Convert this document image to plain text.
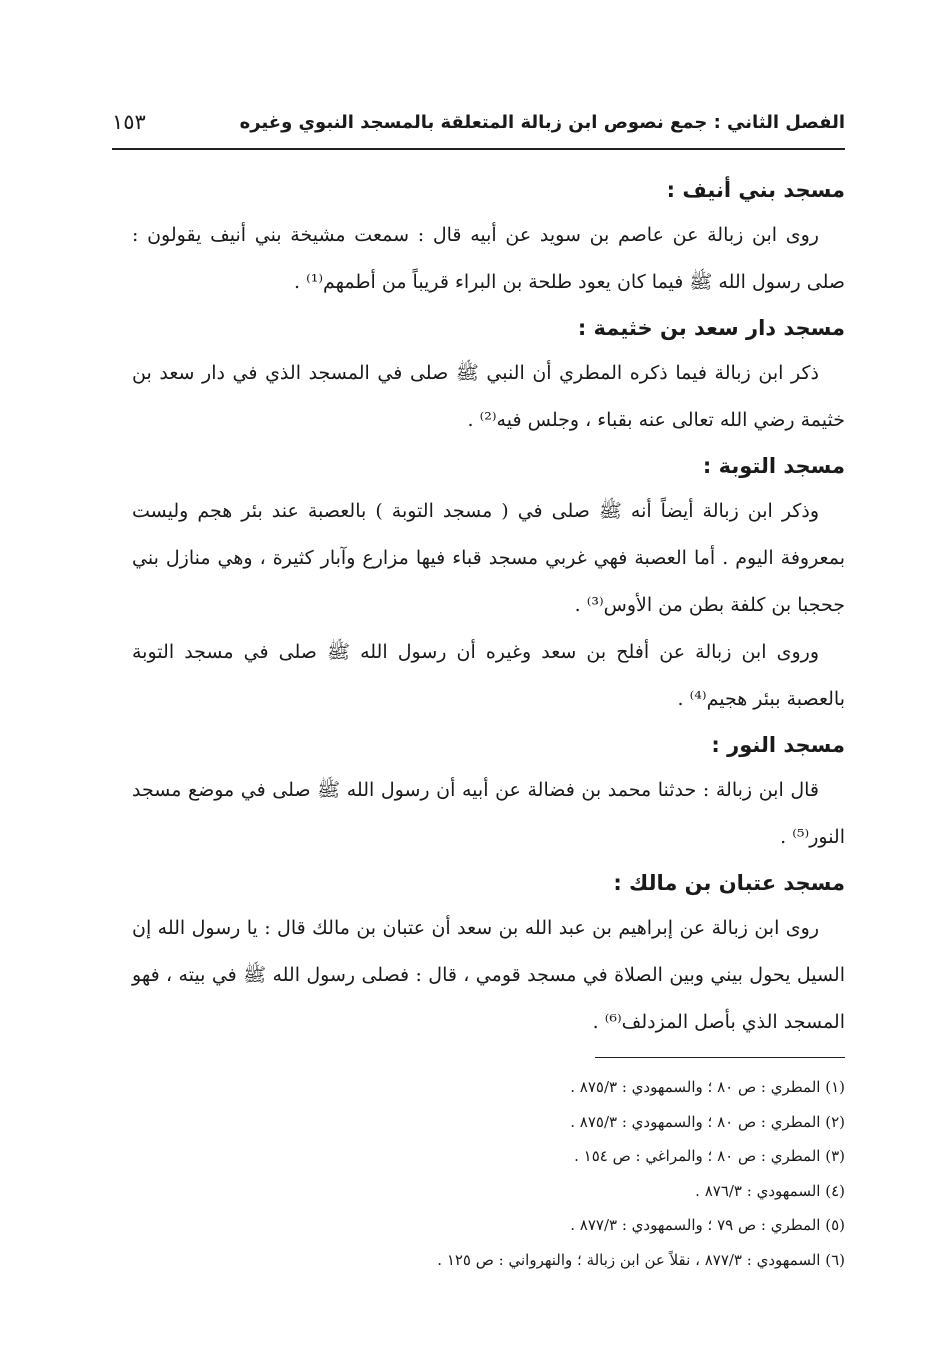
الفصل الثاني : جمع نصوص ابن زبالة المتعلقة بالمسجد النبوي وغيره
١٥٣
مسجد بني أنيف :

روى ابن زبالة عن عاصم بن سويد عن أبيه قال : سمعت مشيخة بني أنيف يقولون : صلى رسول الله ﷺ فيما كان يعود طلحة بن البراء قريباً من أطمهم⁽¹⁾ .

مسجد دار سعد بن خثيمة :

ذكر ابن زبالة فيما ذكره المطري أن النبي ﷺ صلى في المسجد الذي في دار سعد بن خثيمة رضي الله تعالى عنه بقباء ، وجلس فيه⁽²⁾ .

مسجد التوبة :

وذكر ابن زبالة أيضاً أنه ﷺ صلى في ( مسجد التوبة ) بالعصبة عند بئر هجم وليست بمعروفة اليوم . أما العصبة فهي غربي مسجد قباء فيها مزارع وآبار كثيرة ، وهي منازل بني جحجبا بن كلفة بطن من الأوس⁽³⁾ .

وروى ابن زبالة عن أفلح بن سعد وغيره أن رسول الله ﷺ صلى في مسجد التوبة بالعصبة ببئر هجيم⁽⁴⁾ .

مسجد النور :

قال ابن زبالة : حدثنا محمد بن فضالة عن أبيه أن رسول الله ﷺ صلى في موضع مسجد النور⁽⁵⁾ .

مسجد عتبان بن مالك :

روى ابن زبالة عن إبراهيم بن عبد الله بن سعد أن عتبان بن مالك قال : يا رسول الله إن السيل يحول بيني وبين الصلاة في مسجد قومي ، قال : فصلى رسول الله ﷺ في بيته ، فهو المسجد الذي بأصل المزدلف⁽⁶⁾ .

(١) المطري : ص ٨٠ ؛ والسمهودي : ٨٧٥/٣ .

(٢) المطري : ص ٨٠ ؛ والسمهودي : ٨٧٥/٣ .

(٣) المطري : ص ٨٠ ؛ والمراغي : ص ١٥٤ .

(٤) السمهودي : ٨٧٦/٣ .

(٥) المطري : ص ٧٩ ؛ والسمهودي : ٨٧٧/٣ .

(٦) السمهودي : ٨٧٧/٣ ، نقلاً عن ابن زبالة ؛ والنهرواني : ص ١٢٥ .
